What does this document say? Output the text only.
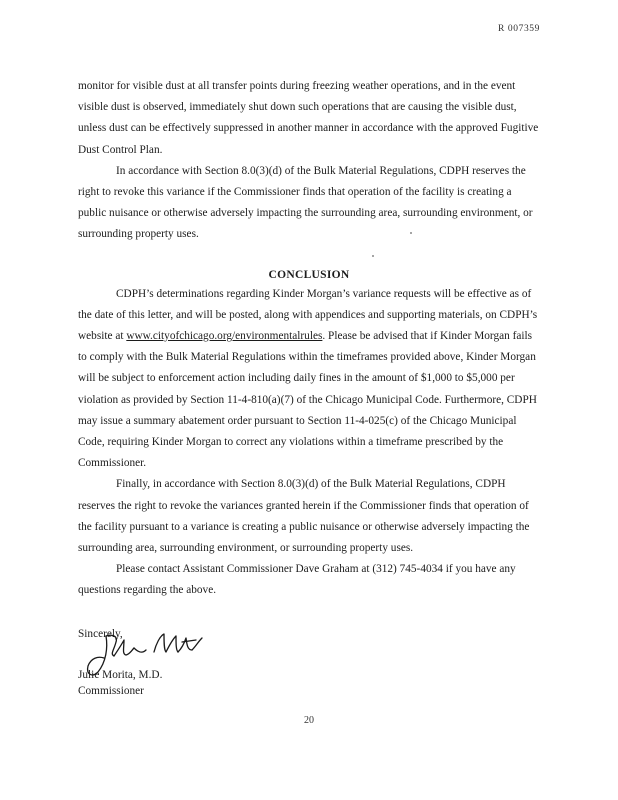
R 007359

monitor for visible dust at all transfer points during freezing weather operations, and in the event visible dust is observed, immediately shut down such operations that are causing the visible dust, unless dust can be effectively suppressed in another manner in accordance with the approved Fugitive Dust Control Plan.

In accordance with Section 8.0(3)(d) of the Bulk Material Regulations, CDPH reserves the right to revoke this variance if the Commissioner finds that operation of the facility is creating a public nuisance or otherwise adversely impacting the surrounding area, surrounding environment, or surrounding property uses.

CONCLUSION

CDPH’s determinations regarding Kinder Morgan’s variance requests will be effective as of the date of this letter, and will be posted, along with appendices and supporting materials, on CDPH’s website at www.cityofchicago.org/environmentalrules. Please be advised that if Kinder Morgan fails to comply with the Bulk Material Regulations within the timeframes provided above, Kinder Morgan will be subject to enforcement action including daily fines in the amount of $1,000 to $5,000 per violation as provided by Section 11-4-810(a)(7) of the Chicago Municipal Code. Furthermore, CDPH may issue a summary abatement order pursuant to Section 11-4-025(c) of the Chicago Municipal Code, requiring Kinder Morgan to correct any violations within a timeframe prescribed by the Commissioner.

Finally, in accordance with Section 8.0(3)(d) of the Bulk Material Regulations, CDPH reserves the right to revoke the variances granted herein if the Commissioner finds that operation of the facility pursuant to a variance is creating a public nuisance or otherwise adversely impacting the surrounding area, surrounding environment, or surrounding property uses.

Please contact Assistant Commissioner Dave Graham at (312) 745-4034 if you have any questions regarding the above.

Sincerely,

Julie Morita, M.D.
Commissioner
20
